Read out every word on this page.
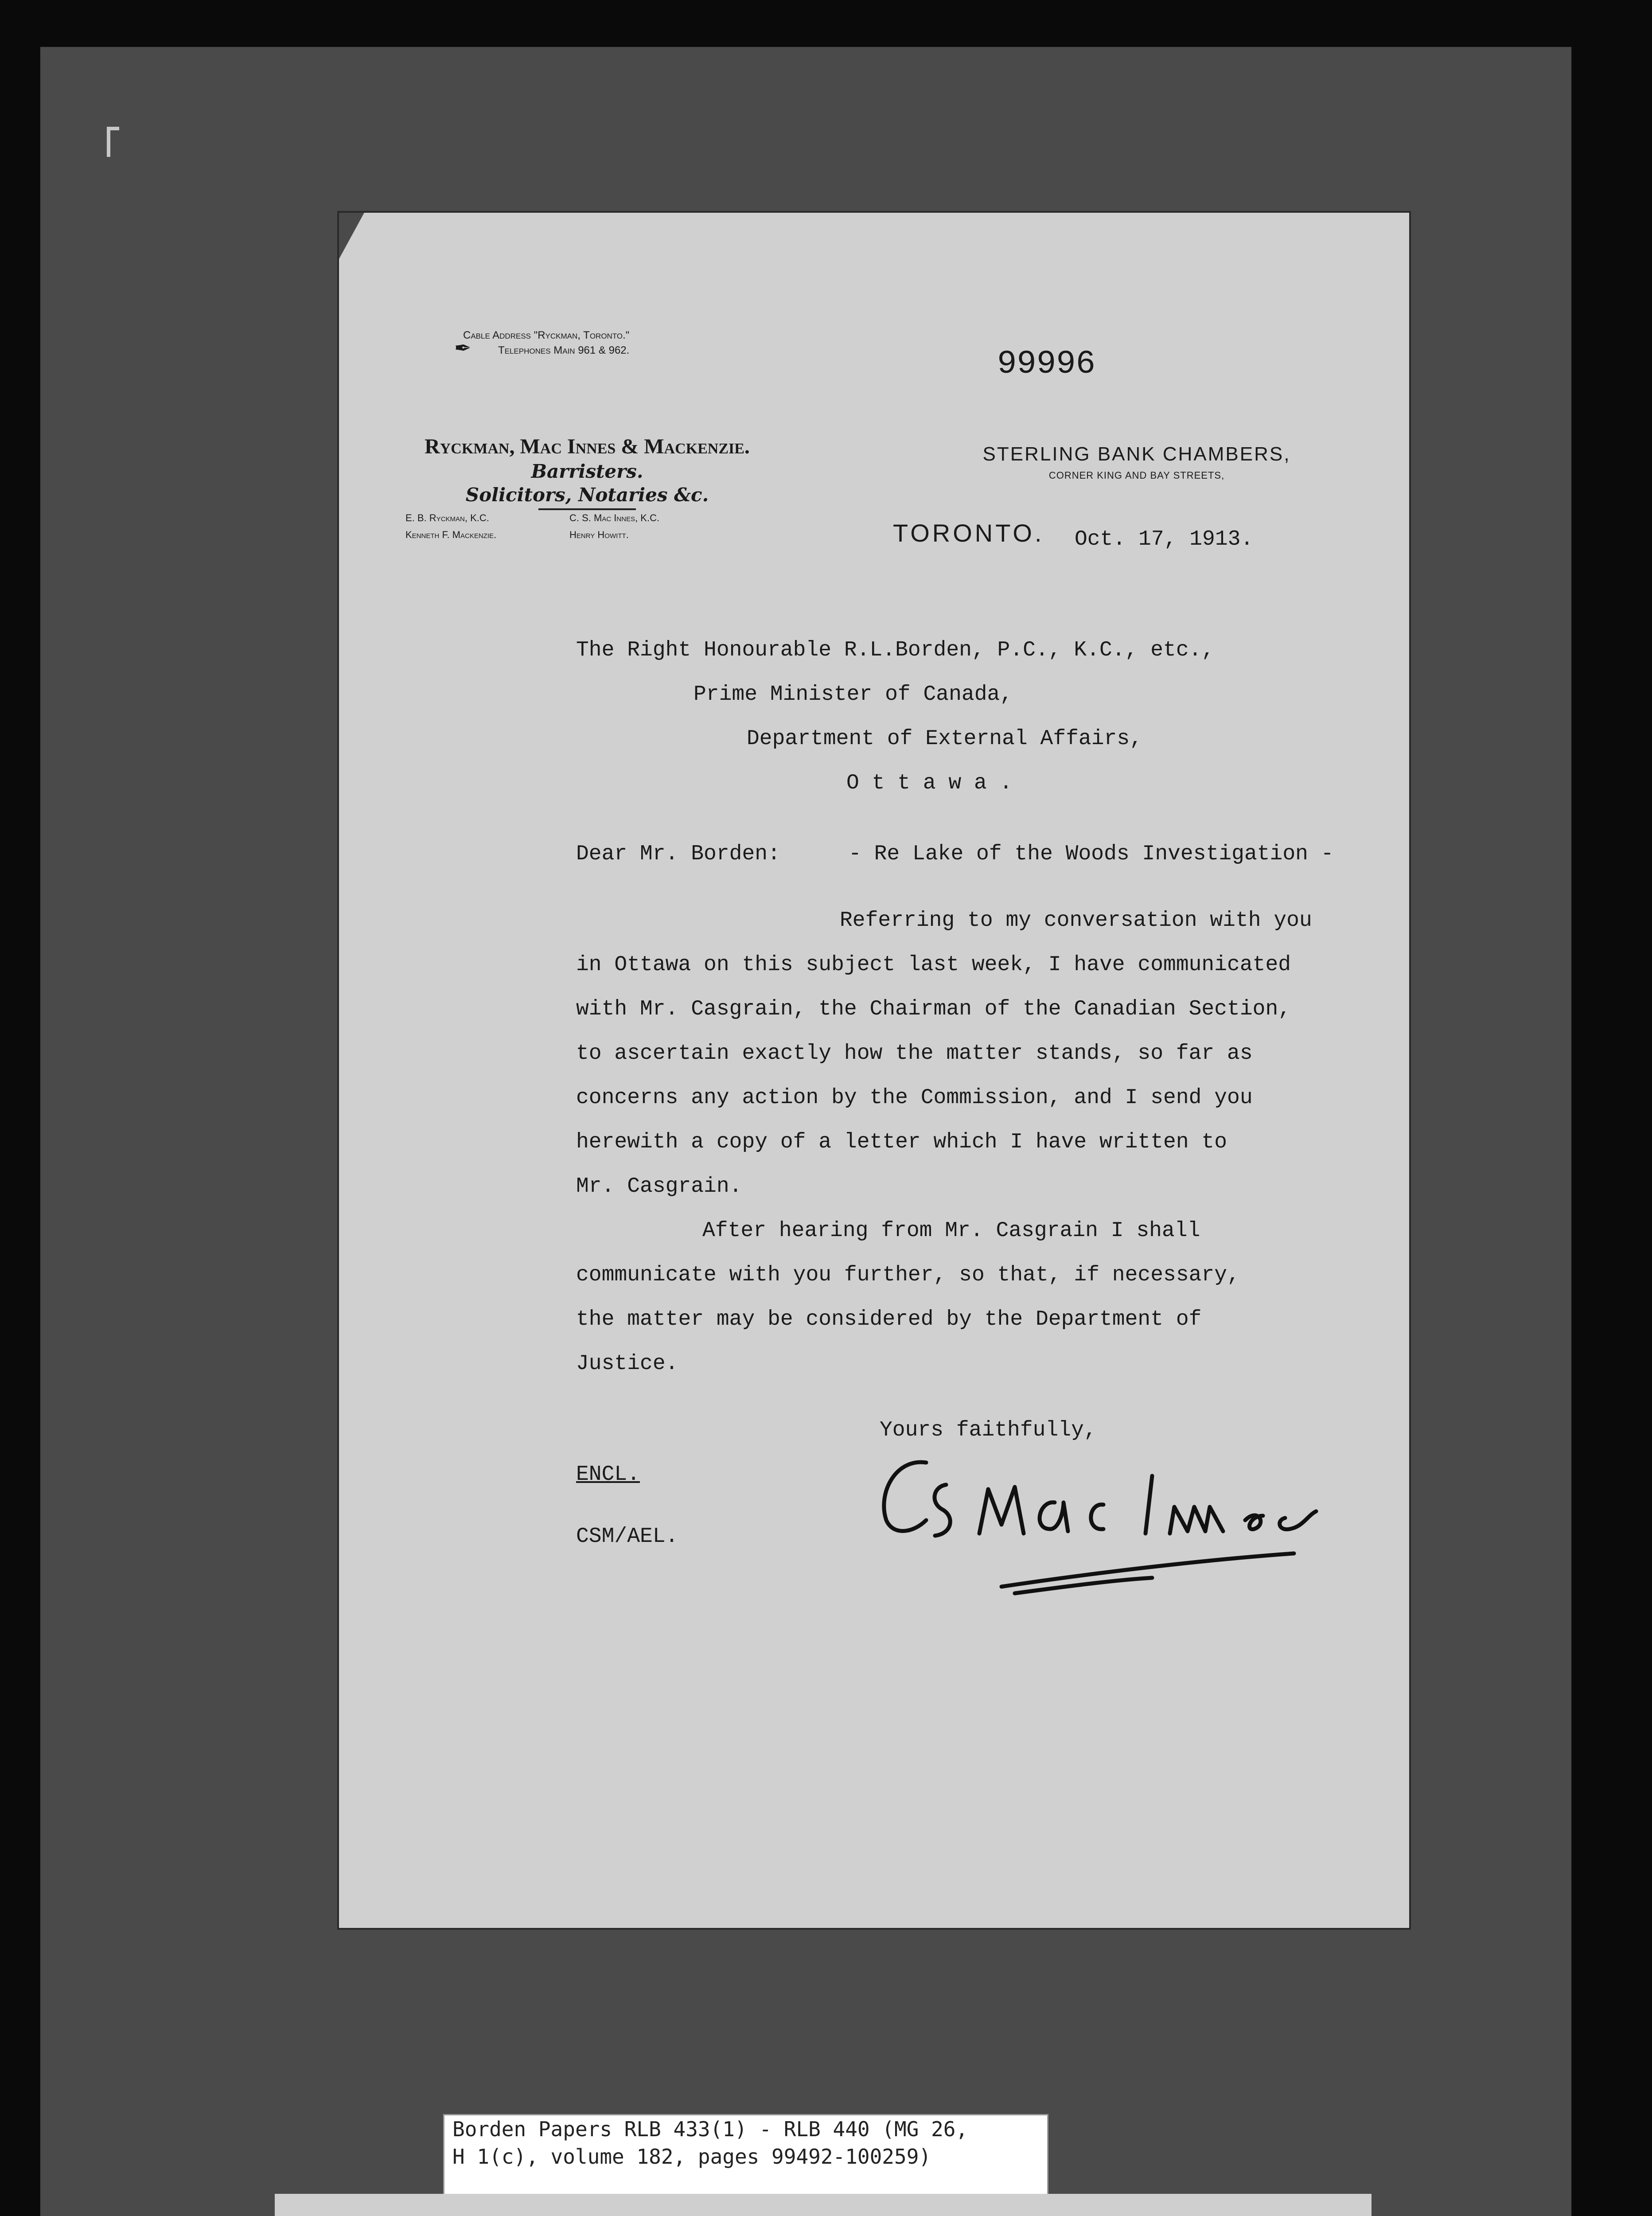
✒
Cable Address "Ryckman, Toronto."
Telephones Main 961 & 962.	99996
Ryckman, Mac Innes & Mackenzie.
Barristers.
Solicitors, Notaries &c.
E. B. Ryckman, K.C.	C. S. Mac Innes, K.C.
Kenneth F. Mackenzie.	Henry Howitt.
STERLING BANK CHAMBERS,
CORNER KING AND BAY STREETS,
TORONTO. Oct. 17, 1913.
The Right Honourable R.L.Borden, P.C., K.C., etc.,
Prime Minister of Canada,
Department of External Affairs,
O t t a w a .
Dear Mr. Borden:	- Re Lake of the Woods Investigation -
Referring to my conversation with you
in Ottawa on this subject last week, I have communicated
with Mr. Casgrain, the Chairman of the Canadian Section,
to ascertain exactly how the matter stands, so far as
concerns any action by the Commission, and I send you
herewith a copy of a letter which I have written to
Mr. Casgrain.
After hearing from Mr. Casgrain I shall
communicate with you further, so that, if necessary,
the matter may be considered by the Department of
Justice.
Yours faithfully,
ENCL.
CSM/AEL.
Borden Papers RLB 433(1) - RLB 440 (MG 26,
H 1(c), volume 182, pages 99492-100259)
